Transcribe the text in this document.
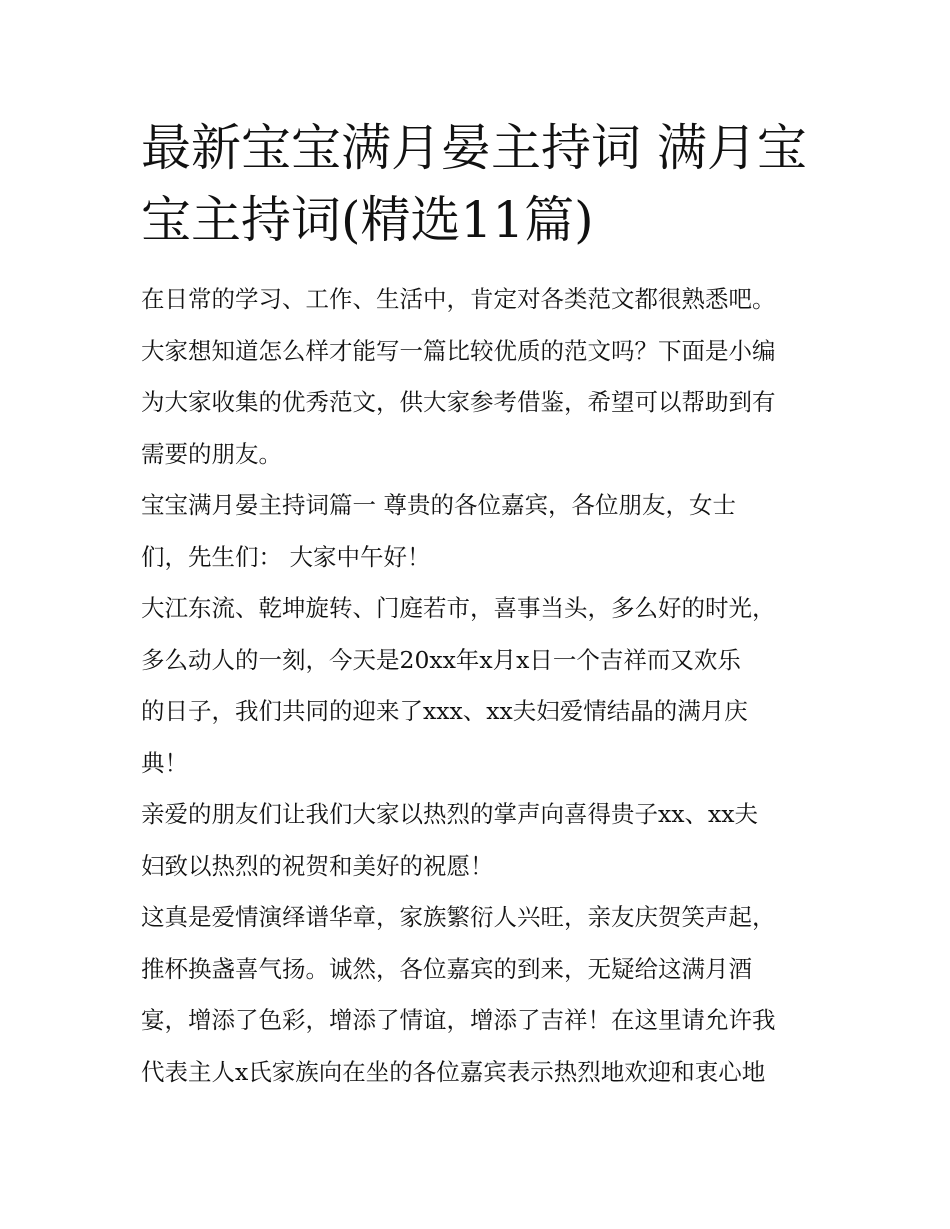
最新宝宝满月晏主持词 满月宝
宝主持词(精选11篇)
在日常的学习、工作、生活中，肯定对各类范文都很熟悉吧。
大家想知道怎么样才能写一篇比较优质的范文吗？下面是小编
为大家收集的优秀范文，供大家参考借鉴，希望可以帮助到有
需要的朋友。
宝宝满月晏主持词篇一 尊贵的各位嘉宾，各位朋友，女士
们，先生们： 大家中午好！
大江东流、乾坤旋转、门庭若市，喜事当头，多么好的时光，
多么动人的一刻，今天是20xx年x月x日一个吉祥而又欢乐
的日子，我们共同的迎来了xxx、xx夫妇爱情结晶的满月庆
典！
亲爱的朋友们让我们大家以热烈的掌声向喜得贵子xx、xx夫
妇致以热烈的祝贺和美好的祝愿！
这真是爱情演绎谱华章，家族繁衍人兴旺，亲友庆贺笑声起，
推杯换盏喜气扬。诚然，各位嘉宾的到来，无疑给这满月酒
宴，增添了色彩，增添了情谊，增添了吉祥！在这里请允许我
代表主人x氏家族向在坐的各位嘉宾表示热烈地欢迎和衷心地
